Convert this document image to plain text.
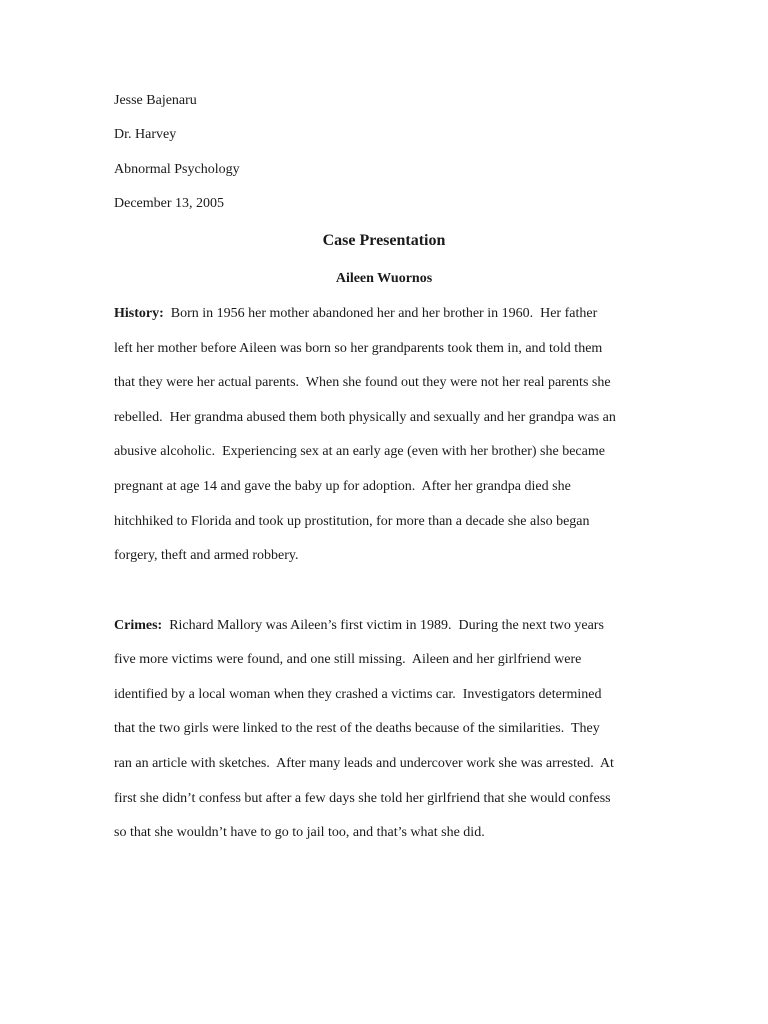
Jesse Bajenaru
Dr. Harvey
Abnormal Psychology
December 13, 2005
Case Presentation
Aileen Wuornos
History:  Born in 1956 her mother abandoned her and her brother in 1960.  Her father
left her mother before Aileen was born so her grandparents took them in, and told them
that they were her actual parents.  When she found out they were not her real parents she
rebelled.  Her grandma abused them both physically and sexually and her grandpa was an
abusive alcoholic.  Experiencing sex at an early age (even with her brother) she became
pregnant at age 14 and gave the baby up for adoption.  After her grandpa died she
hitchhiked to Florida and took up prostitution, for more than a decade she also began
forgery, theft and armed robbery.
Crimes:  Richard Mallory was Aileen’s first victim in 1989.  During the next two years
five more victims were found, and one still missing.  Aileen and her girlfriend were
identified by a local woman when they crashed a victims car.  Investigators determined
that the two girls were linked to the rest of the deaths because of the similarities.  They
ran an article with sketches.  After many leads and undercover work she was arrested.  At
first she didn’t confess but after a few days she told her girlfriend that she would confess
so that she wouldn’t have to go to jail too, and that’s what she did.
